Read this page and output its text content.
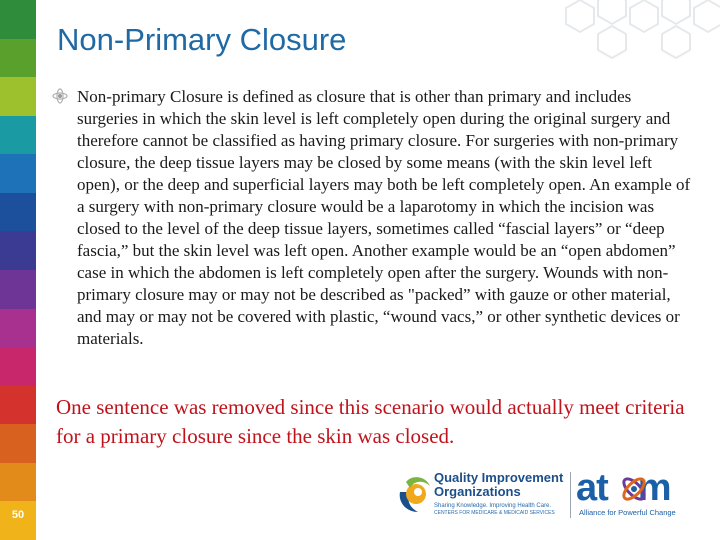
Non-Primary Closure

Non-primary Closure is defined as closure that is other than primary and includes surgeries in which the skin level is left completely open during the original surgery and therefore cannot be classified as having primary closure. For surgeries with non-primary closure, the deep tissue layers may be closed by some means (with the skin level left open), or the deep and superficial layers may both be left completely open. An example of a surgery with non-primary closure would be a laparotomy in which the incision was closed to the level of the deep tissue layers, sometimes called “fascial layers” or “deep fascia,” but the skin level was left open. Another example would be an “open abdomen” case in which the abdomen is left completely open after the surgery. Wounds with non-primary closure may or may not be described as "packed” with gauze or other material, and may or may not be covered with plastic, “wound vacs,” or other synthetic devices or materials.

One sentence was removed since this scenario would actually meet criteria for a primary closure since the skin was closed.

50
Quality Improvement
Organizations
Sharing Knowledge. Improving Health Care.
CENTERS FOR MEDICARE & MEDICAID SERVICES
at m
Alliance for Powerful Change
